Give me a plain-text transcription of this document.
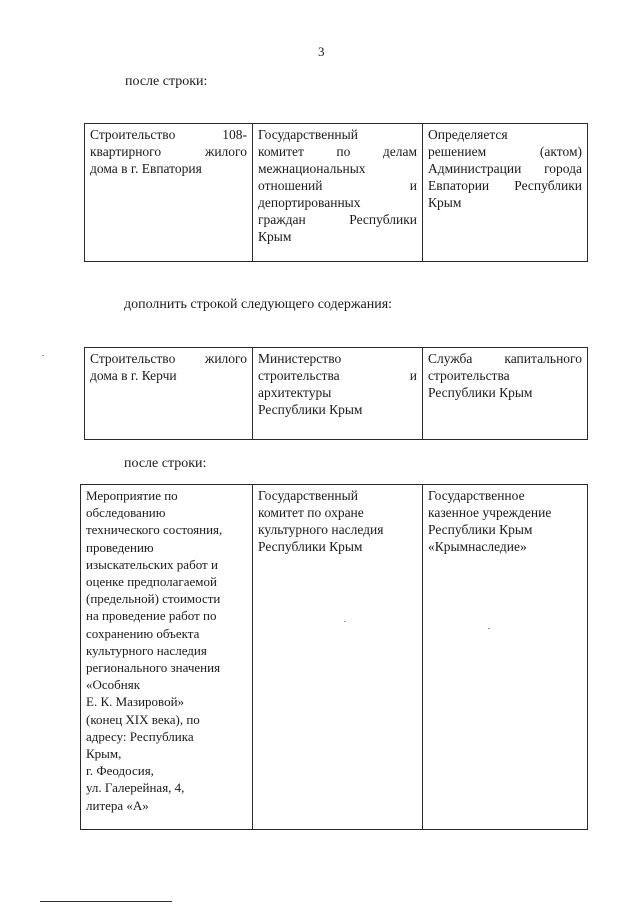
3
после строки:
Строительство 108-
квартирного жилого
дома в г. Евпатория

Государственный
комитет по делам
межнациональных
отношений и
депортированных
граждан Республики
Крым

Определяется
решением (актом)
Администрации города
Евпатории Республики
Крым
дополнить строкой следующего содержания:
Строительство жилого
дома в г. Керчи

Министерство
строительства и
архитектуры
Республики Крым

Служба капитального
строительства
Республики Крым
после строки:
Мероприятие по
обследованию
технического состояния,
проведению
изыскательских работ и
оценке предполагаемой
(предельной) стоимости
на проведение работ по
сохранению объекта
культурного наследия
регионального значения
«Особняк
Е. К. Мазировой»
(конец XIX века), по
адресу: Республика
Крым,
г. Феодосия,
ул. Галерейная, 4,
литера «А»

Государственный
комитет по охране
культурного наследия
Республики Крым

Государственное
казенное учреждение
Республики Крым
«Крымнаследие»
